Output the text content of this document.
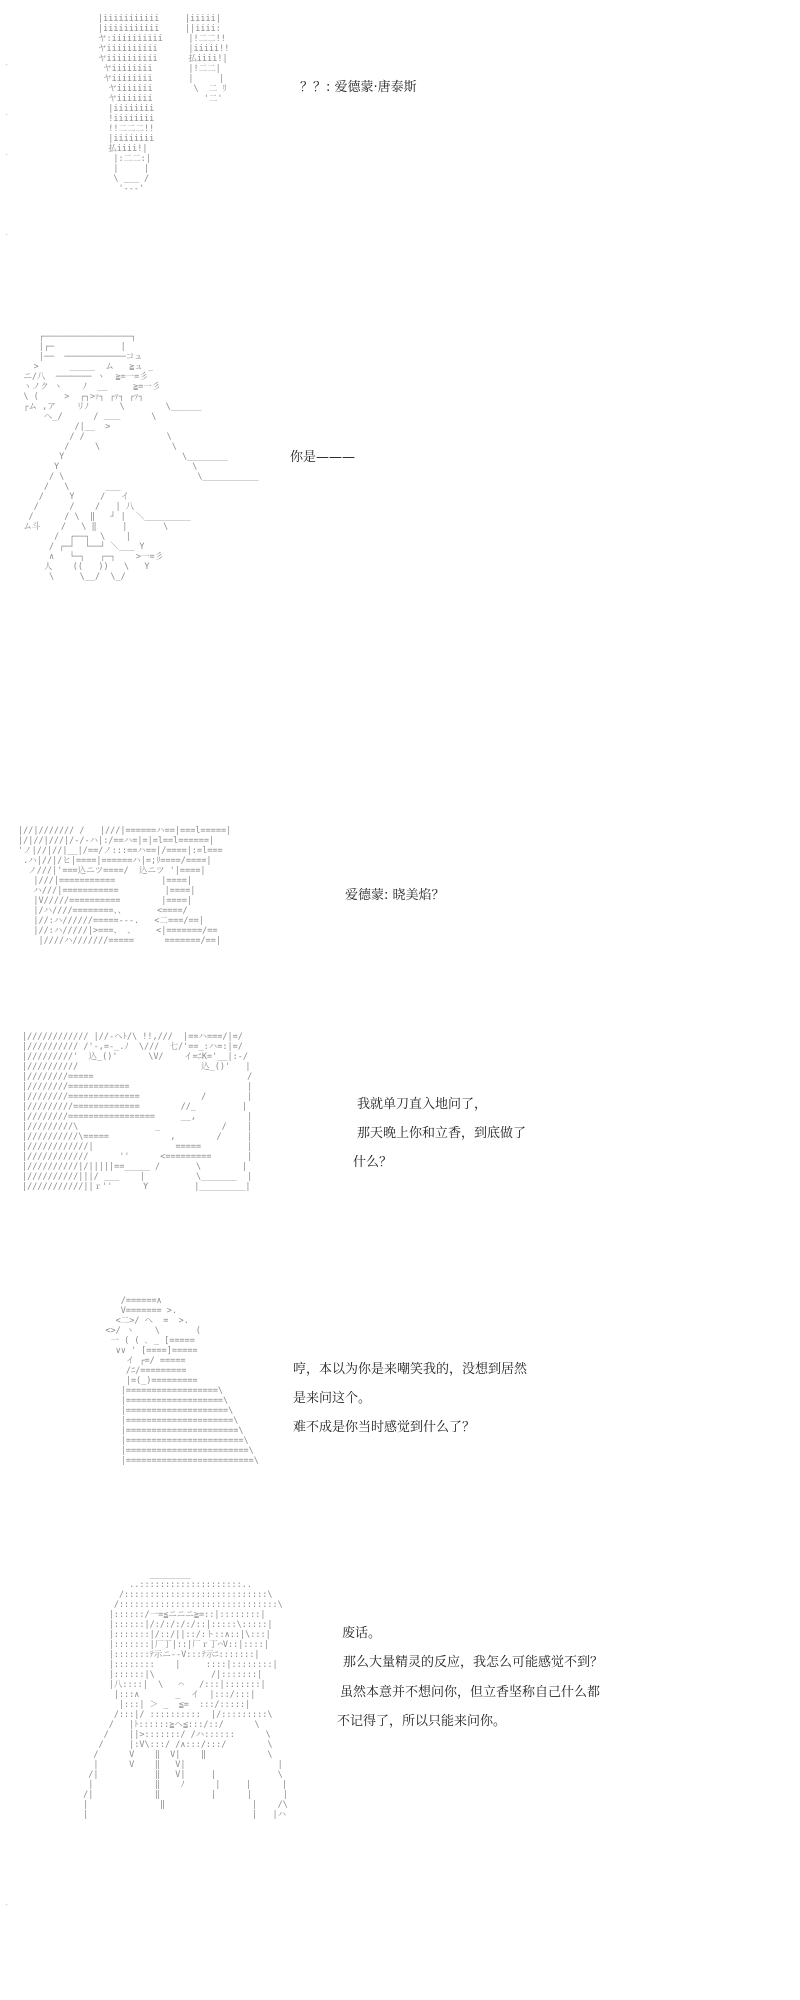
-
-
-
-
-
|iiiiiiiiiii     |iiiii|
|iiiiiiiiiii     ||iiii:
ヤ:iiiiiiiiii     |!二二!!
ヤiiiiiiiiii      |iiiii!!
ヤiiiiiiiiii      払iiii!|
ヤiiiiiiii       |!二二|
ヤiiiiiiii       |     |
ヤiiiiiii        \  二 ﾘ
ヤiiiiiii          '二'
|iiiiiiii
!iiiiiiii
!!二二二!!
|iiiiiiii
払iiii!|
|:二二:|
|     |
\ ___ /
'---'
？？: 爱德蒙·唐泰斯
┌─────────────────┐
|┌─             |
|──  ────────────コュ
>      _____  ム   ≧ュ _
ニ/八  ─────── ヽ  ≧=一=彡
ヽノク ヽ    ﾉ  __     ≧=一彡
\ (     >  ┌┐>ｧ┐ ┌ｧ┐ ┌ｧ┐
┌ム ,ア    リﾉ      \        \______
へ_/      / ＿＿      \
/|__  >
/ /                \
/     \              \
Y                       \________
Y                          \
/ \                          \___________
/   \       ___
/     Y     /   イ
/      /    /   | 八
/      / \  ‖   ┘ |  ＼_________
ム斗    /   \ ‖     |       \
/  ┌──┐  \    |
/ ┌─┘  └──┘ ＼___ Y
∧   └─┐   ┌─┐    >一=彡
人    ((   ))   \   Y
\     \__/  \_/
你是———
|//|/////// /   |///|======ハ==|===l=====|
|/|//|///|/-/-ハ|:/==ハ=|=|=l==l======|
'ノ|//|//|__|/==/ノ:::==ハ==|/====|:=l===
.ハ|//|/ヒ|====|======ハ|=;ﾘ====/====|
ノ///|'===込ニツ====/  込ニツ '|====|
|///|===========         |====|
ハ///|===========         |====|
|V/////==========        |====|
|/ハ////========、、      <====/
|//:ハ//////=====---.   <二===/==|
|//:ハ/////|>===、 、    <|=======/==
|////ハ///////=====      =======/==|
爱德蒙: 晓美焰？
|//////////// |//-ヘﾄ/\ !!,///  |==ハ===/|=/
|////////// /'-,=-_.ﾉ  \///  七/'==_:ハ=:|=/
|/////////'  込_()'      \V/    イ=ﾆK='__|:-/
|//////////                        込_()'   |
|////////=====                              /
|////////============                       |
|////////==============            /        |
|/////////=============        //_         |
|////////=================     __,          |
|/////////\               _            /    |
|//////////\=====            ,        /     |
|////////////|                =====         |
|////////////      ''      <=========       |
|//////////|/|||||==_____ /       \        |
|//////////|||/ ___    |          \_______  |
|///////////||ｒ''      Y         |_________|
我就单刀直入地问了，
那天晚上你和立香，到底做了
什么？
/======∧
V======= >.
<二>/ へ  =  >.
<>/ ヽ    \       (
一 ( ( ､ _ [=====
∨∨ ' [====]=====
イ ┌=/ =====
/ﾆ/=========
|=(_)=========
|==================\
|===================\
|====================\
|=====================\
|======================\
|=======================\
|========================\
|=========================\
哼，本以为你是来嘲笑我的，没想到居然
是来问这个。
难不成是你当时感觉到什么了？
________
..::::::::::::::::::::..
/::::::::::::::::::::::::::::\
/:::::::::::::::::::::::::::::::\
|::::::/一=≦ニニニ≧=::|::::::::|
|::::::|/:/:/:/:/::|:::::\:::::|
|:::::::|/::/||::/:ト::∧::|\:::|
|:::::::|厂丁|::|厂ｒ丁⌒V::|::::|
|:::::::ﾃ示ニ--V:::ﾃ示ﾆ:::::::|
|::::::::    |     ::::|::::::::|
|::::::|\           /|:::::::|
|八::::|  \   ⌒   /:::|:::::::|
|:::∧       _  イ  |:::/:::|
|:::| ＞ _  ≦=  :::/:::::|
/:::|/ ::::::::::  |/:::::::::\
/   |ﾄ::::::≧ヘ≦:::/::/      \
/    ||>:::::::/ /ハ::::::      \
/     |:V\:::/ /∧:::/:::/        \
/      V    ‖  V|    ‖            \
|      V    ‖   V|                  |
/|           ‖   V|     |            \
|            ‖    ﾉ      |     |      |
/|            ‖          |      |      |
|              ‖                 |    /\
|                                |   |ハ
废话。
那么大量精灵的反应，我怎么可能感觉不到？
虽然本意并不想问你，但立香坚称自己什么都
不记得了，所以只能来问你。
